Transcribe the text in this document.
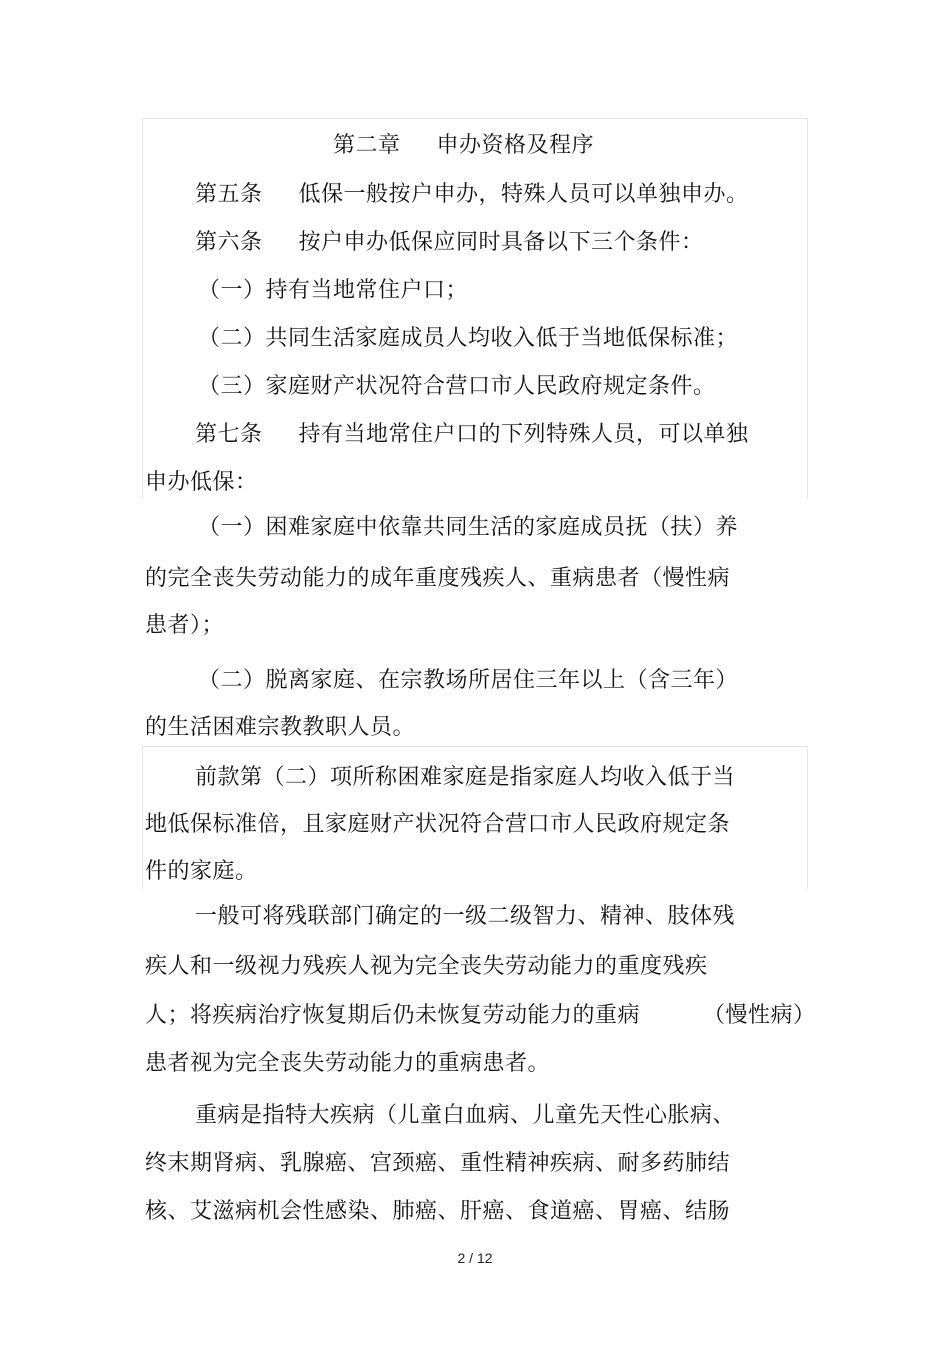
第二章 申办资格及程序
第五条 低保一般按户申办，特殊人员可以单独申办。
第六条 按户申办低保应同时具备以下三个条件：
（一）持有当地常住户口；
（二）共同生活家庭成员人均收入低于当地低保标准；
（三）家庭财产状况符合营口市人民政府规定条件。
第七条 持有当地常住户口的下列特殊人员，可以单独
申办低保：
（一）困难家庭中依靠共同生活的家庭成员抚（扶）养
的完全丧失劳动能力的成年重度残疾人、重病患者（慢性病
患者）；
（二）脱离家庭、在宗教场所居住三年以上（含三年）
的生活困难宗教教职人员。
前款第（二）项所称困难家庭是指家庭人均收入低于当
地低保标准倍，且家庭财产状况符合营口市人民政府规定条
件的家庭。
一般可将残联部门确定的一级二级智力、精神、肢体残
疾人和一级视力残疾人视为完全丧失劳动能力的重度残疾
人；将疾病治疗恢复期后仍未恢复劳动能力的重病	（慢性病）
患者视为完全丧失劳动能力的重病患者。
重病是指特大疾病（儿童白血病、儿童先天性心胀病、
终末期肾病、乳腺癌、宫颈癌、重性精神疾病、耐多药肺结
核、艾滋病机会性感染、肺癌、肝癌、食道癌、胃癌、结肠
2 / 12
